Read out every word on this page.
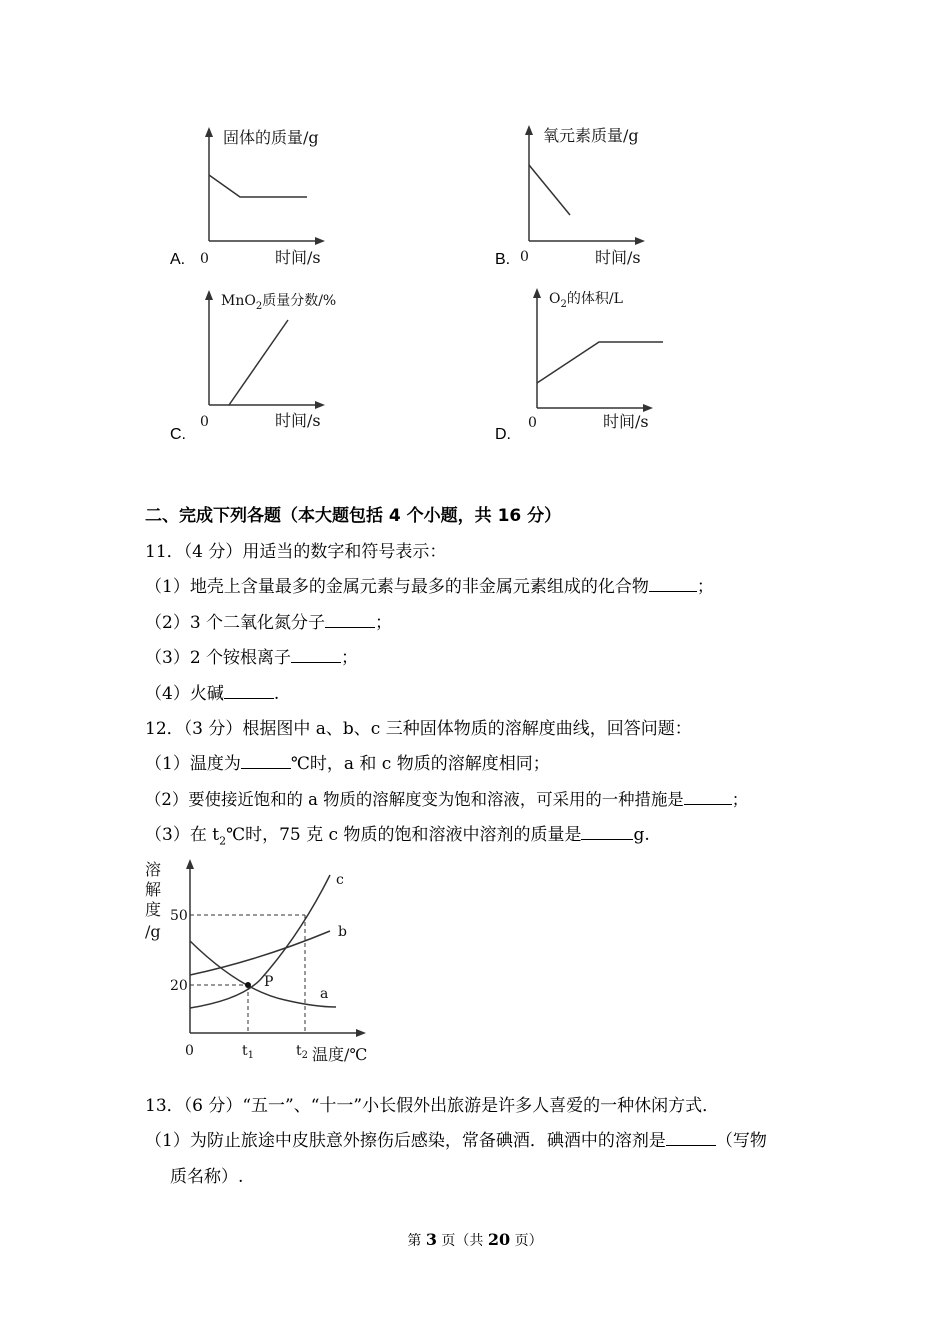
固体的质量/g
0	时间/s
A.
氧元素质量/g
0	时间/s
B.
MnO$_2$质量分数/%
0	时间/s
C.
$O_2$的体积/L
0	时间/s
D.
二、完成下列各题（本大题包括 4 个小题，共 16 分）
11．（4 分）用适当的数字和符号表示：
（1）地壳上含量最多的金属元素与最多的非金属元素组成的化合物	；
（2）3 个二氧化氮分子	；
（3）2 个铵根离子	；
（4）火碱	.
12．（3 分）根据图中 a、b、c 三种固体物质的溶解度曲线，回答问题：
（1）温度为	℃时，a 和 c 物质的溶解度相同；
（2）要使接近饱和的 a 物质的溶解度变为饱和溶液，可采用的一种措施是	；
（3）在 $t_2℃$时，75 克 c 物质的饱和溶液中溶剂的质量是	g.
溶
解
度
/g
50
20
0	$t_1$	$t_2$ 温度/℃
P
a
b
c
13．（6 分）“五一”、“十一”小长假外出旅游是许多人喜爱的一种休闲方式．
（1）为防止旅途中皮肤意外擦伤后感染，常备碘酒．碘酒中的溶剂是	（写物
质名称）.
第 3 页（共 20 页）
